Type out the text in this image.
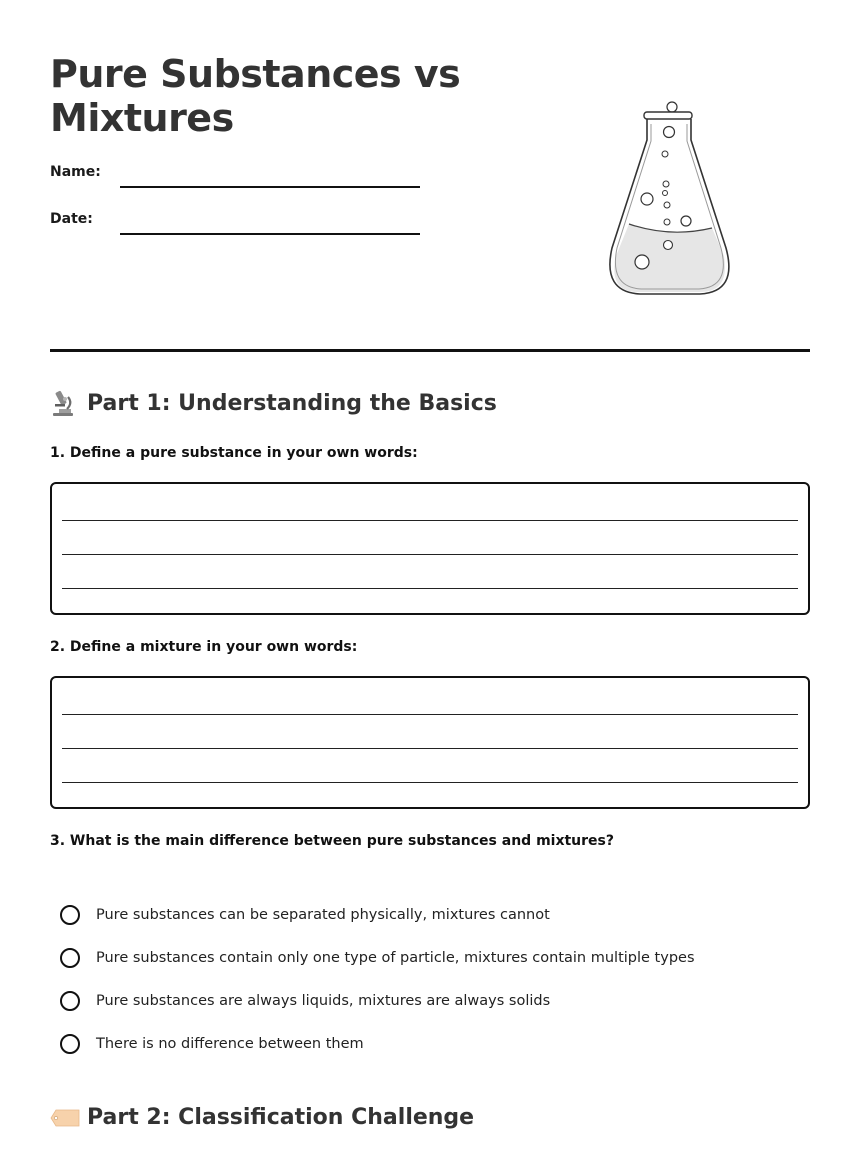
Pure Substances vs Mixtures
Name:
Date:
Part 1: Understanding the Basics

1. Define a pure substance in your own words:

2. Define a mixture in your own words:

3. What is the main difference between pure substances and mixtures?

Pure substances can be separated physically, mixtures cannot
Pure substances contain only one type of particle, mixtures contain multiple types
Pure substances are always liquids, mixtures are always solids
There is no difference between them
Part 2: Classification Challenge
